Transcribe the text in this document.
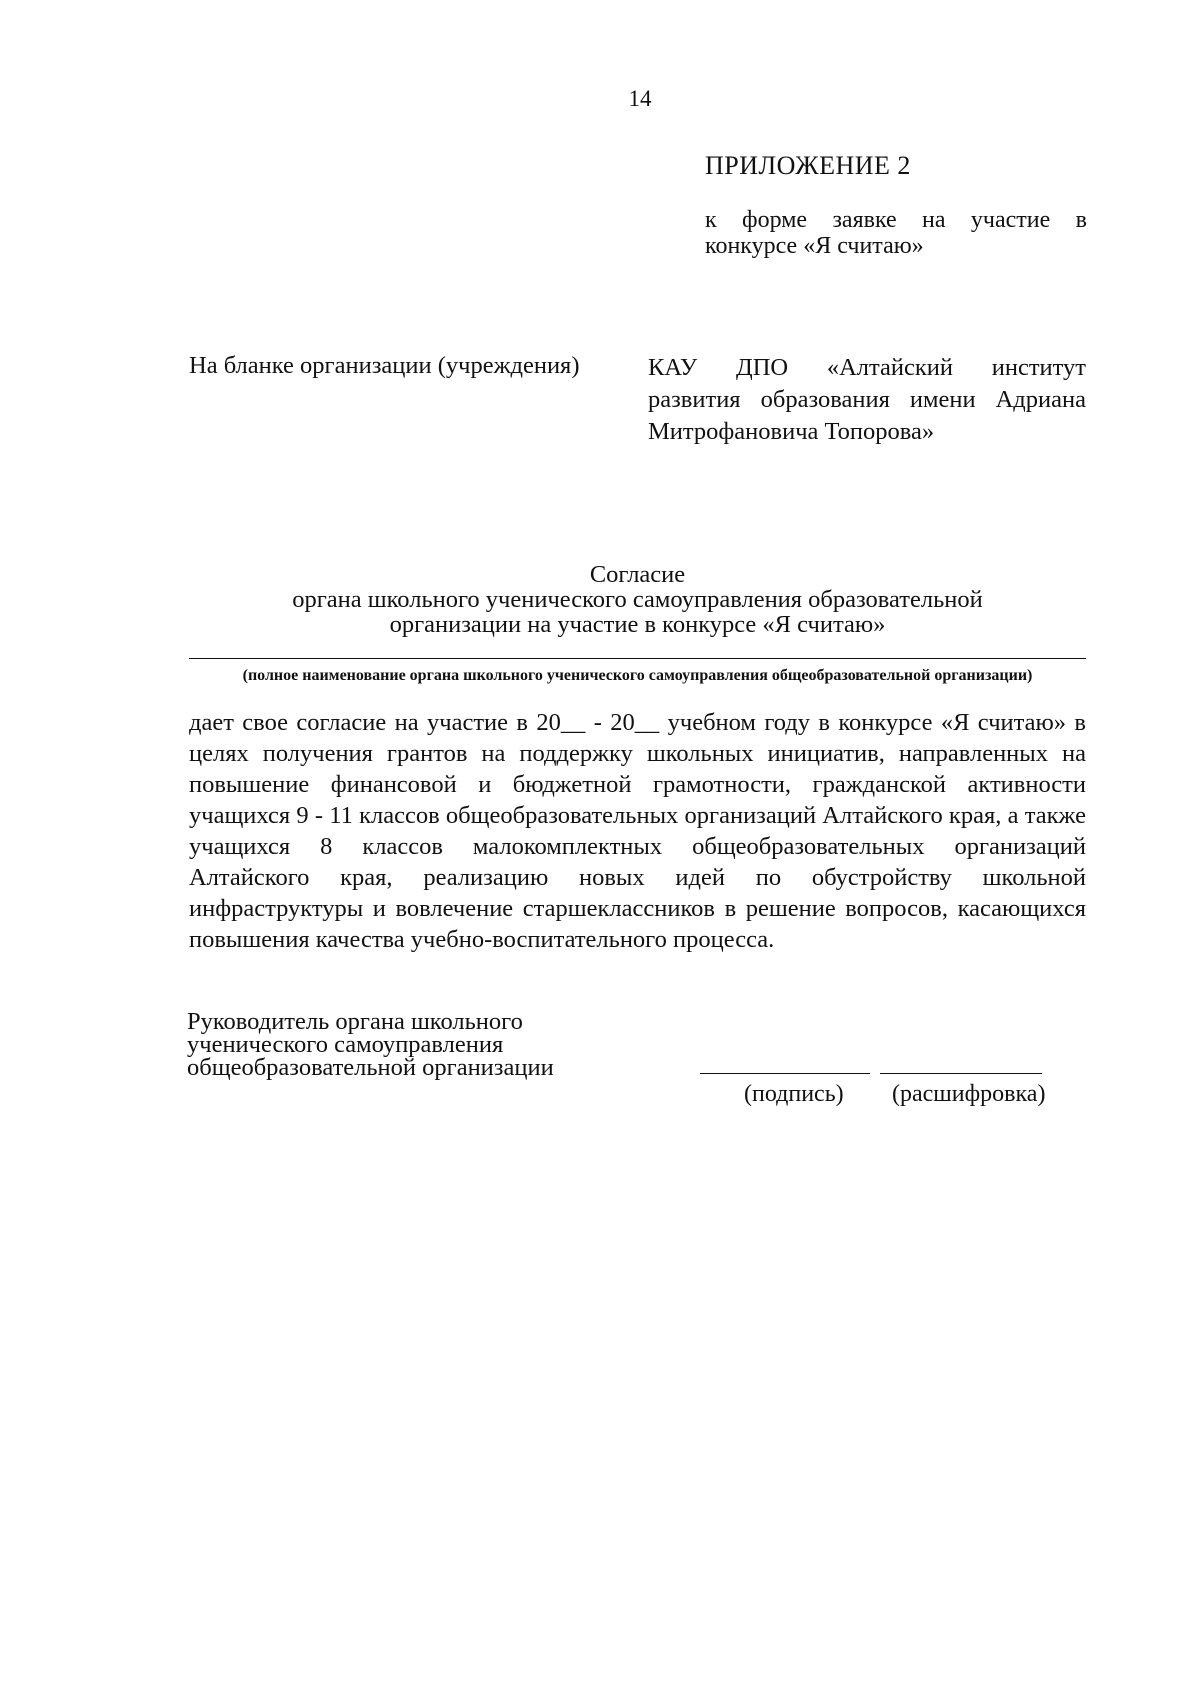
14
ПРИЛОЖЕНИЕ 2
к форме заявке на участие в конкурсе «Я считаю»
На бланке организации (учреждения)	КАУ ДПО «Алтайский институт развития образования имени Адриана Митрофановича Топорова»
Согласие
органа школьного ученического самоуправления образовательной
организации на участие в конкурсе «Я считаю»
(полное наименование органа школьного ученического самоуправления общеобразовательной организации)
дает свое согласие на участие в 20__ - 20__ учебном году в конкурсе «Я считаю» в целях получения грантов на поддержку школьных инициатив, направленных на повышение финансовой и бюджетной грамотности, гражданской активности учащихся 9 - 11 классов общеобразовательных организаций Алтайского края, а также учащихся 8 классов малокомплектных общеобразовательных организаций Алтайского края, реализацию новых идей по обустройству школьной инфраструктуры и вовлечение старшеклассников в решение вопросов, касающихся повышения качества учебно-воспитательного процесса.
Руководитель органа школьного
ученического самоуправления
общеобразовательной организации
(подпись) (расшифровка)
